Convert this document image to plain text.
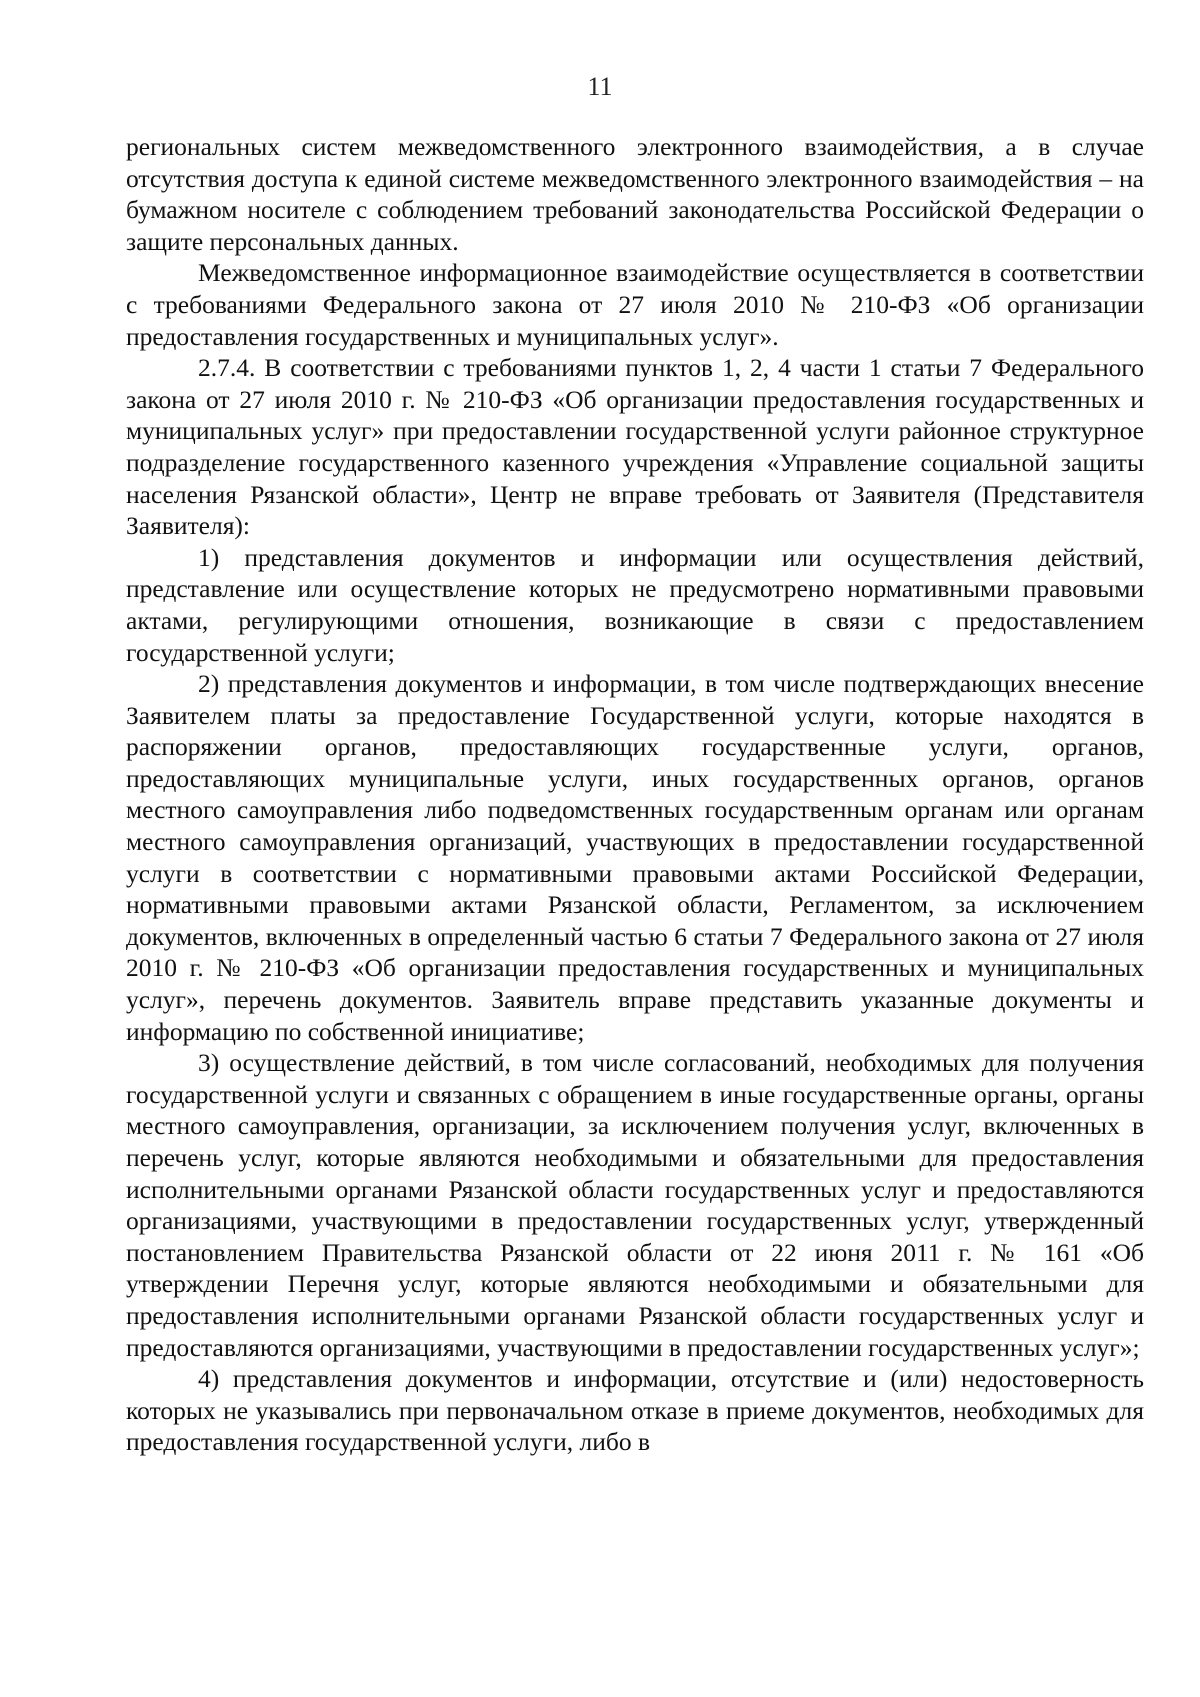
11

региональных систем межведомственного электронного взаимодействия, а в случае отсутствия доступа к единой системе межведомственного электронного взаимодействия – на бумажном носителе с соблюдением требований законодательства Российской Федерации о защите персональных данных.

Межведомственное информационное взаимодействие осуществляется в соответствии с требованиями Федерального закона от 27 июля 2010 № 210-ФЗ «Об организации предоставления государственных и муниципальных услуг».

2.7.4. В соответствии с требованиями пунктов 1, 2, 4 части 1 статьи 7 Федерального закона от 27 июля 2010 г. № 210-ФЗ «Об организации предоставления государственных и муниципальных услуг» при предоставлении государственной услуги районное структурное подразделение государственного казенного учреждения «Управление социальной защиты населения Рязанской области», Центр не вправе требовать от Заявителя (Представителя Заявителя):

1) представления документов и информации или осуществления действий, представление или осуществление которых не предусмотрено нормативными правовыми актами, регулирующими отношения, возникающие в связи с предоставлением государственной услуги;

2) представления документов и информации, в том числе подтверждающих внесение Заявителем платы за предоставление Государственной услуги, которые находятся в распоряжении органов, предоставляющих государственные услуги, органов, предоставляющих муниципальные услуги, иных государственных органов, органов местного самоуправления либо подведомственных государственным органам или органам местного самоуправления организаций, участвующих в предоставлении государственной услуги в соответствии с нормативными правовыми актами Российской Федерации, нормативными правовыми актами Рязанской области, Регламентом, за исключением документов, включенных в определенный частью 6 статьи 7 Федерального закона от 27 июля 2010 г. № 210-ФЗ «Об организации предоставления государственных и муниципальных услуг», перечень документов. Заявитель вправе представить указанные документы и информацию по собственной инициативе;

3) осуществление действий, в том числе согласований, необходимых для получения государственной услуги и связанных с обращением в иные государственные органы, органы местного самоуправления, организации, за исключением получения услуг, включенных в перечень услуг, которые являются необходимыми и обязательными для предоставления исполнительными органами Рязанской области государственных услуг и предоставляются организациями, участвующими в предоставлении государственных услуг, утвержденный постановлением Правительства Рязанской области от 22 июня 2011 г. № 161 «Об утверждении Перечня услуг, которые являются необходимыми и обязательными для предоставления исполнительными органами Рязанской области государственных услуг и предоставляются организациями, участвующими в предоставлении государственных услуг»;

4) представления документов и информации, отсутствие и (или) недостоверность которых не указывались при первоначальном отказе в приеме документов, необходимых для предоставления государственной услуги, либо в
